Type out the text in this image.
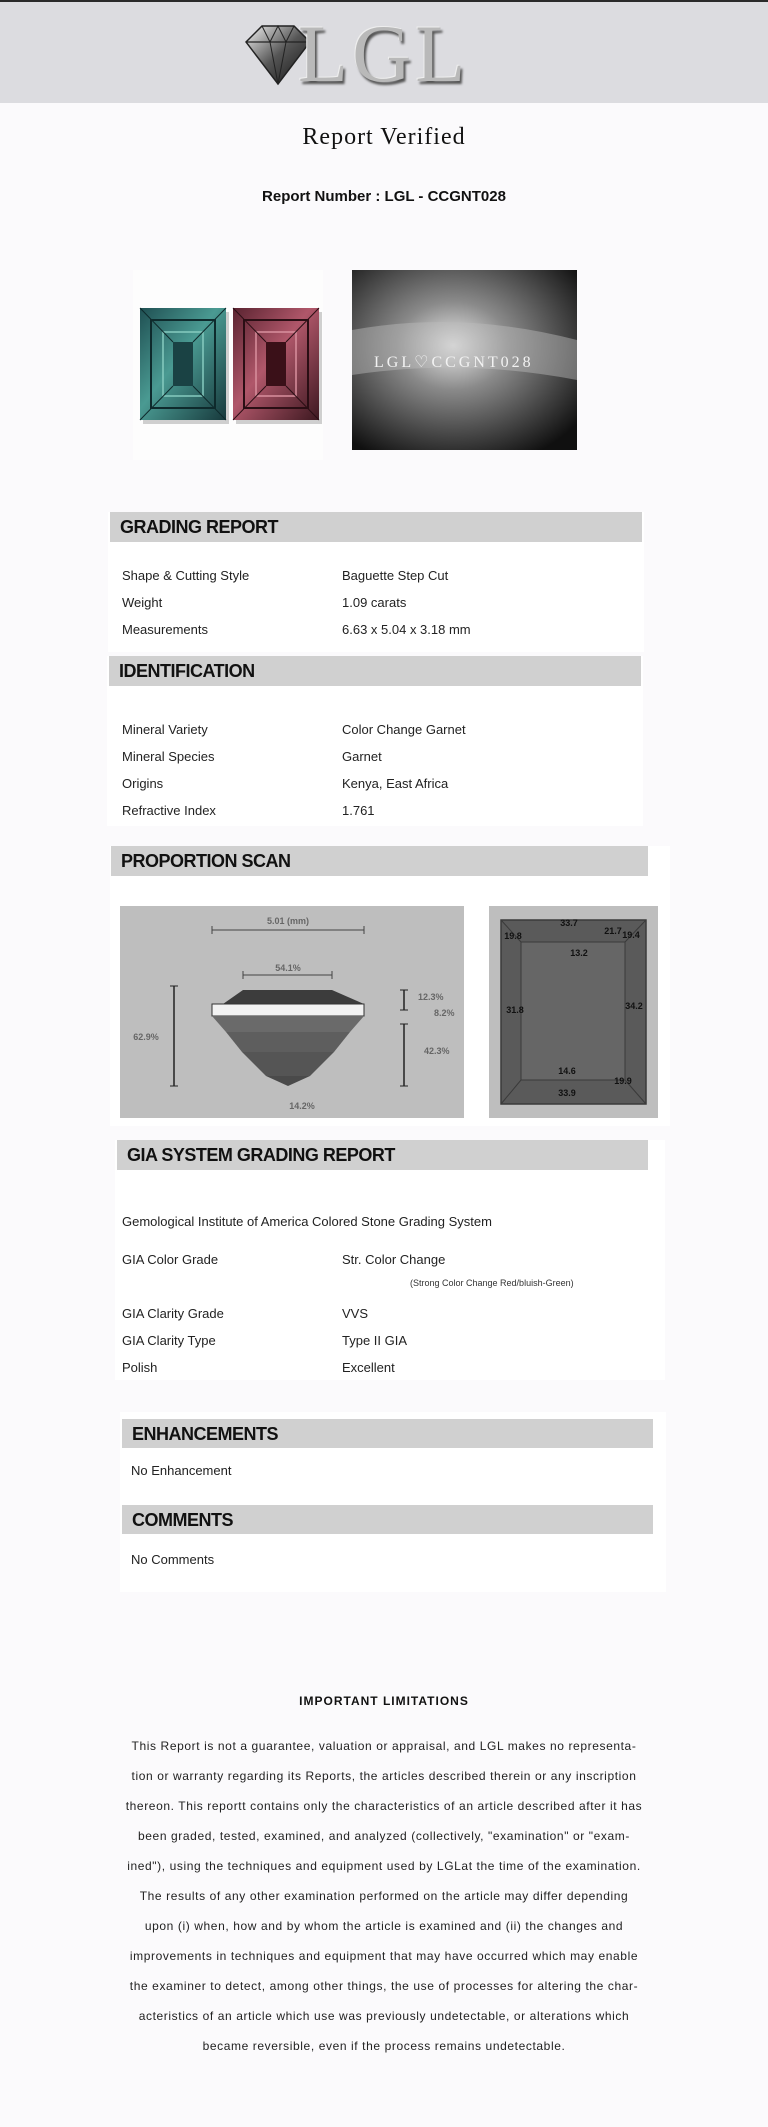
LGL
Report Verified
Report Number : LGL - CCGNT028
LGL♡CCGNT028
GRADING REPORT
Shape & Cutting Style	Baguette Step Cut
Weight	1.09 carats
Measurements	6.63 x 5.04 x 3.18 mm
IDENTIFICATION
Mineral Variety	Color Change Garnet
Mineral Species	Garnet
Origins	Kenya, East Africa
Refractive Index	1.761
PROPORTION SCAN
5.01 (mm)
54.1%
62.9%
12.3%
8.2%
42.3%
14.2%
33.7
19.8	21.7 19.4
13.2
31.8	34.2
14.6
19.9
33.9
GIA SYSTEM GRADING REPORT
Gemological Institute of America Colored Stone Grading System
GIA Color Grade	Str. Color Change
(Strong Color Change Red/bluish-Green)
GIA Clarity Grade	VVS
GIA Clarity Type	Type II GIA
Polish	Excellent
ENHANCEMENTS
No Enhancement
COMMENTS
No Comments
IMPORTANT LIMITATIONS
This Report is not a guarantee, valuation or appraisal, and LGL makes no representa-
tion or warranty regarding its Reports, the articles described therein or any inscription
thereon. This reportt contains only the characteristics of an article described after it has
been graded, tested, examined, and analyzed (collectively, "examination" or "exam-
ined"), using the techniques and equipment used by LGLat the time of the examination.
The results of any other examination performed on the article may differ depending
upon (i) when, how and by whom the article is examined and (ii) the changes and
improvements in techniques and equipment that may have occurred which may enable
the examiner to detect, among other things, the use of processes for altering the char-
acteristics of an article which use was previously undetectable, or alterations which
became reversible, even if the process remains undetectable.
